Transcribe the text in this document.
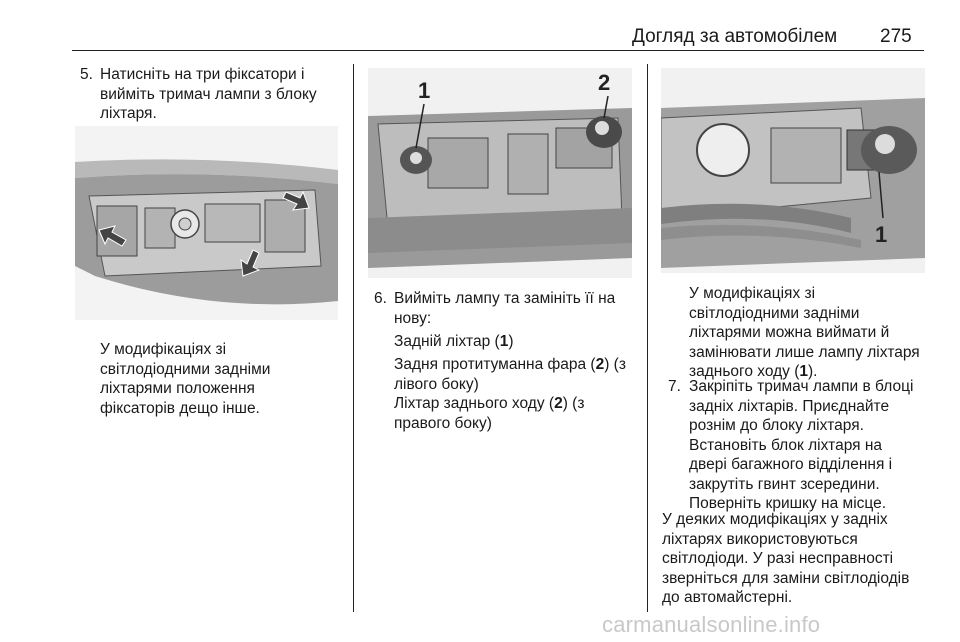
Догляд за автомобілем 275
5. Натисніть на три фіксатори і
вийміть тримач лампи з блоку
ліхтаря.
У модифікаціях зі
світлодіодними задніми
ліхтарями положення
фіксаторів дещо інше.
1	2
6. Вийміть лампу та замініть її на
нову:
Задній ліхтар (1)
Задня протитуманна фара (2) (з
лівого боку)
Ліхтар заднього ходу (2) (з
правого боку)
1
У модифікаціях зі
світлодіодними задніми
ліхтарями можна виймати й
замінювати лише лампу ліхтаря
заднього ходу (1).
7. Закріпіть тримач лампи в блоці
задніх ліхтарів. Приєднайте
рознім до блоку ліхтаря.
Встановіть блок ліхтаря на
двері багажного відділення і
закрутіть гвинт зсередини.
Поверніть кришку на місце.
У деяких модифікаціях у задніх
ліхтарях використовуються
світлодіоди. У разі несправності
зверніться для заміни світлодіодів
до автомайстерні.
carmanualsonline.info
